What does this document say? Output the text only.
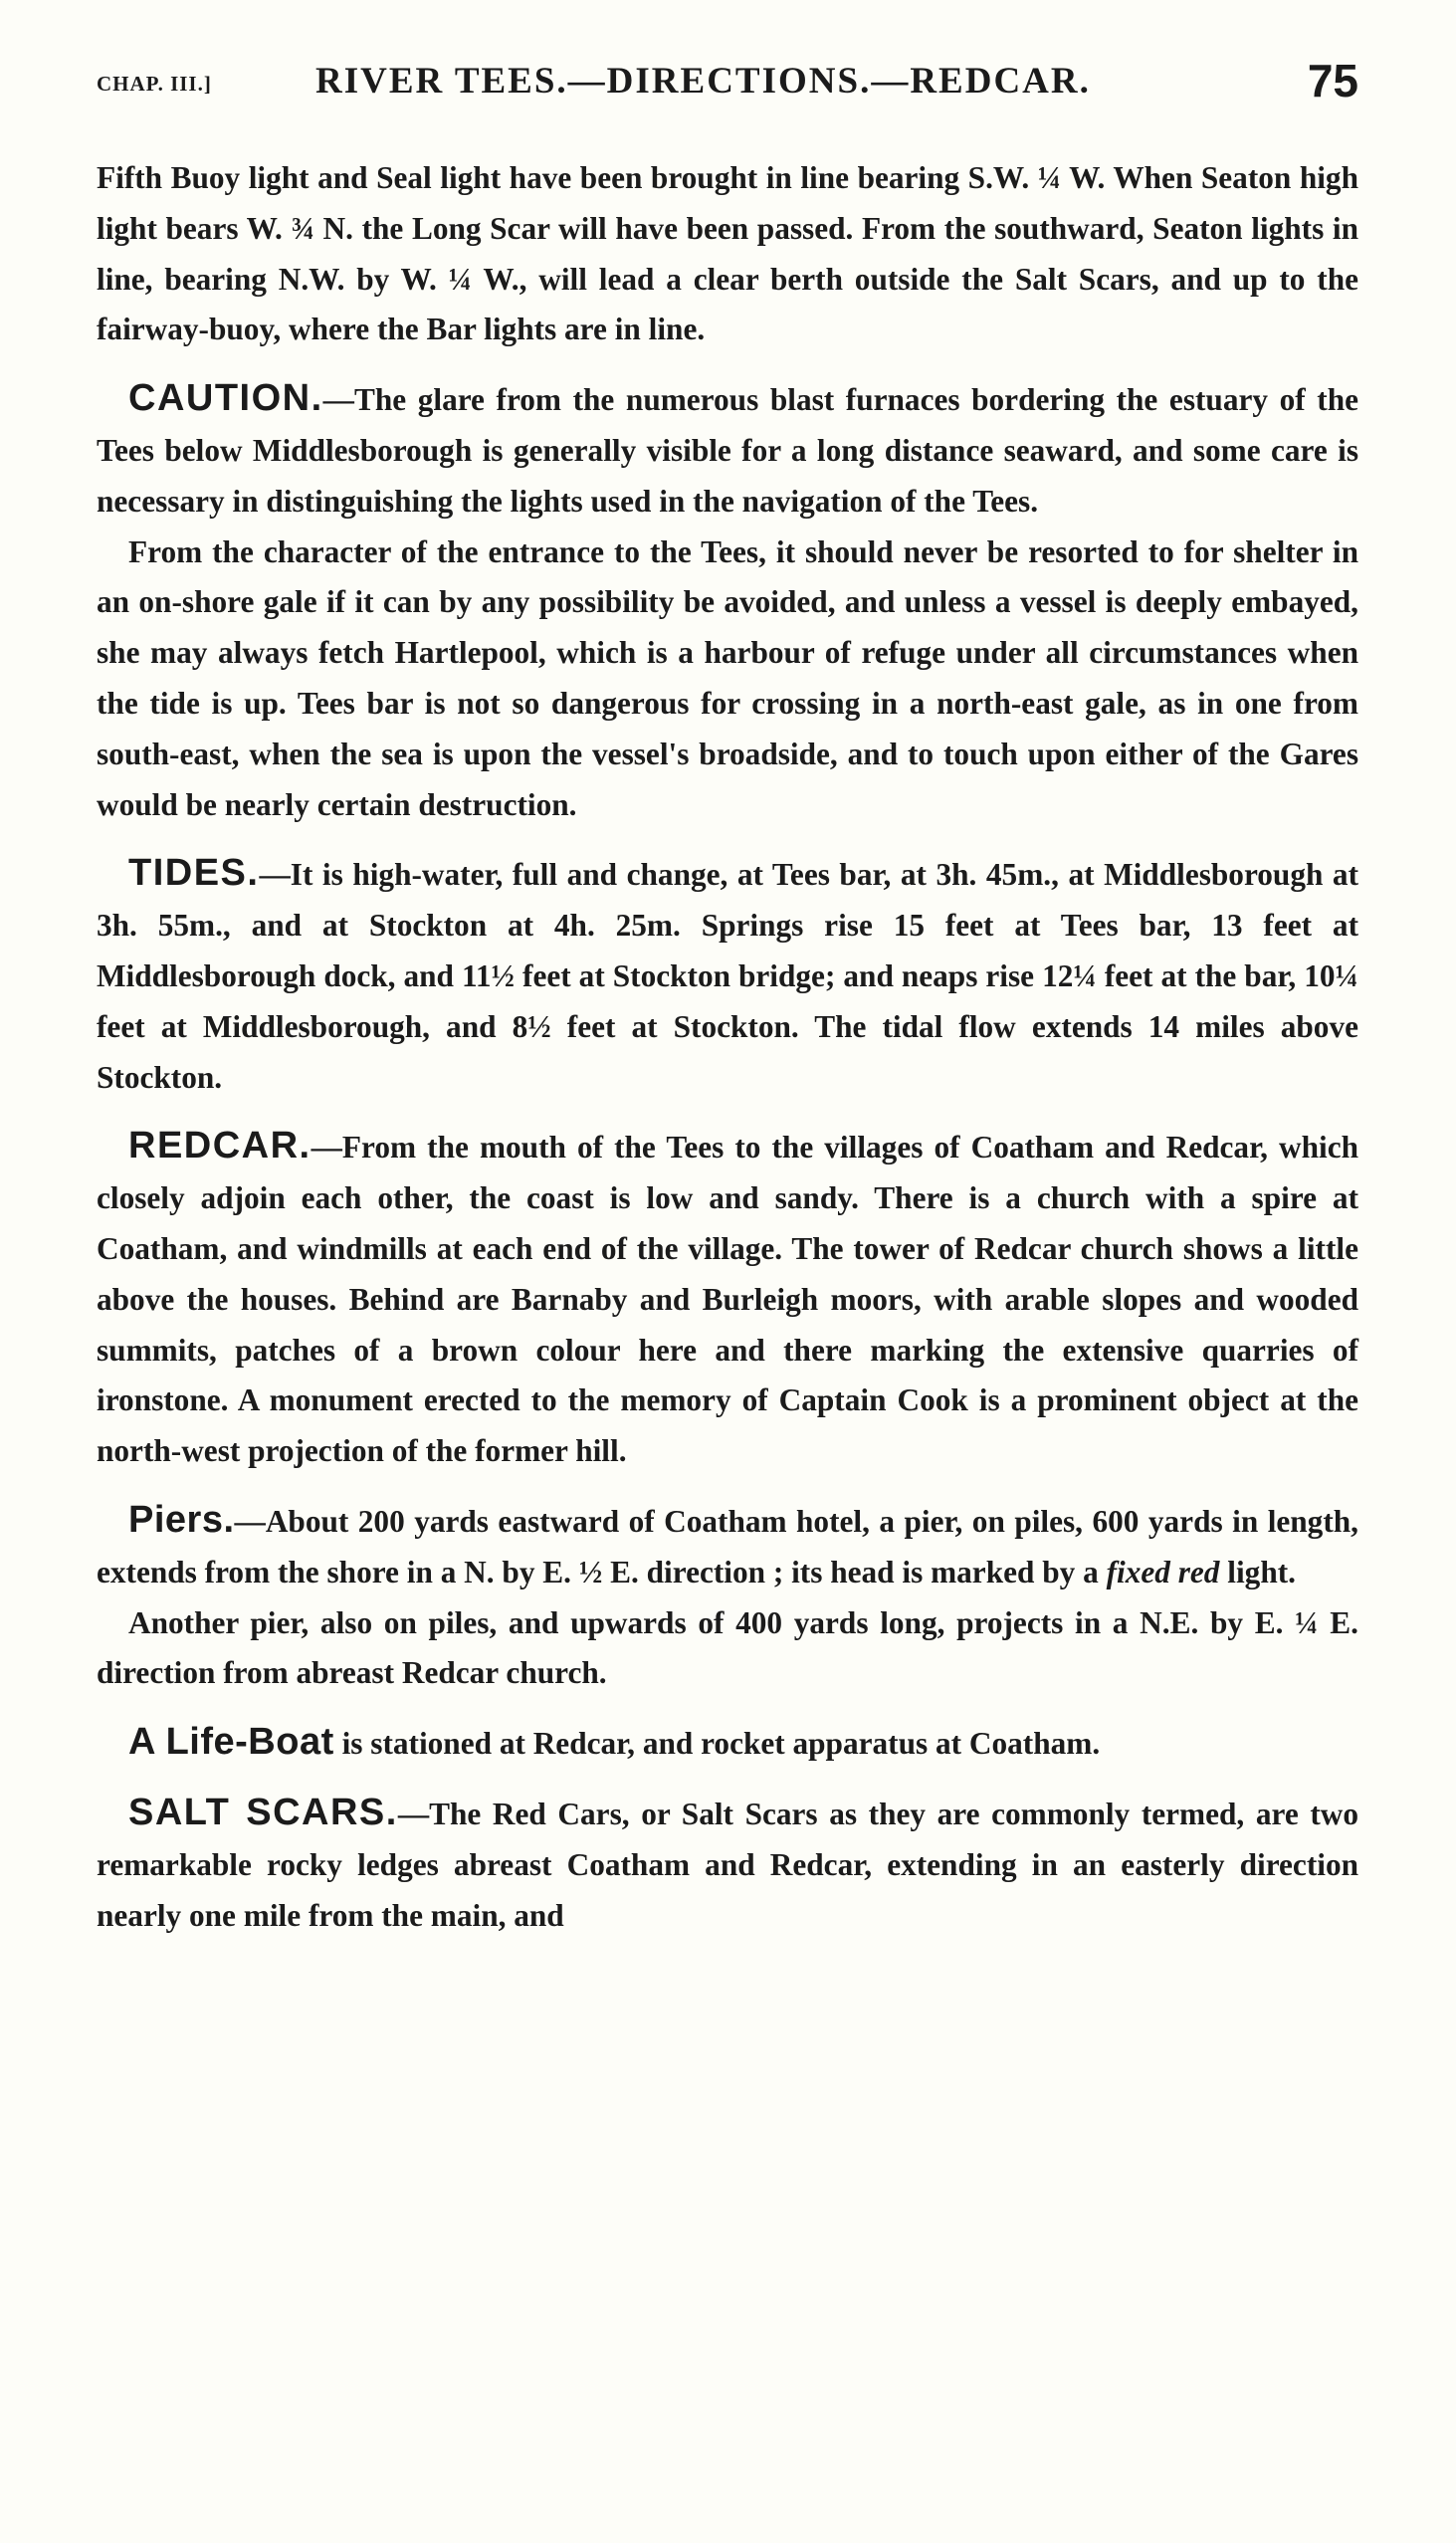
CHAP. III.]	RIVER TEES.—DIRECTIONS.—REDCAR.	75

Fifth Buoy light and Seal light have been brought in line bearing S.W. ¼ W. When Seaton high light bears W. ¾ N. the Long Scar will have been passed. From the southward, Seaton lights in line, bearing N.W. by W. ¼ W., will lead a clear berth outside the Salt Scars, and up to the fairway-buoy, where the Bar lights are in line.

CAUTION.—The glare from the numerous blast furnaces bordering the estuary of the Tees below Middlesborough is generally visible for a long distance seaward, and some care is necessary in distinguishing the lights used in the navigation of the Tees.

From the character of the entrance to the Tees, it should never be resorted to for shelter in an on-shore gale if it can by any possibility be avoided, and unless a vessel is deeply embayed, she may always fetch Hartlepool, which is a harbour of refuge under all circumstances when the tide is up. Tees bar is not so dangerous for crossing in a north-east gale, as in one from south-east, when the sea is upon the vessel's broadside, and to touch upon either of the Gares would be nearly certain destruction.

TIDES.—It is high-water, full and change, at Tees bar, at 3h. 45m., at Middlesborough at 3h. 55m., and at Stockton at 4h. 25m. Springs rise 15 feet at Tees bar, 13 feet at Middlesborough dock, and 11½ feet at Stockton bridge; and neaps rise 12¼ feet at the bar, 10¼ feet at Middlesborough, and 8½ feet at Stockton. The tidal flow extends 14 miles above Stockton.

REDCAR.—From the mouth of the Tees to the villages of Coatham and Redcar, which closely adjoin each other, the coast is low and sandy. There is a church with a spire at Coatham, and windmills at each end of the village. The tower of Redcar church shows a little above the houses. Behind are Barnaby and Burleigh moors, with arable slopes and wooded summits, patches of a brown colour here and there marking the extensive quarries of ironstone. A monument erected to the memory of Captain Cook is a prominent object at the north-west projection of the former hill.

Piers.—About 200 yards eastward of Coatham hotel, a pier, on piles, 600 yards in length, extends from the shore in a N. by E. ½ E. direction ; its head is marked by a fixed red light.

Another pier, also on piles, and upwards of 400 yards long, projects in a N.E. by E. ¼ E. direction from abreast Redcar church.

A Life-Boat is stationed at Redcar, and rocket apparatus at Coatham.

SALT SCARS.—The Red Cars, or Salt Scars as they are commonly termed, are two remarkable rocky ledges abreast Coatham and Redcar, extending in an easterly direction nearly one mile from the main, and
